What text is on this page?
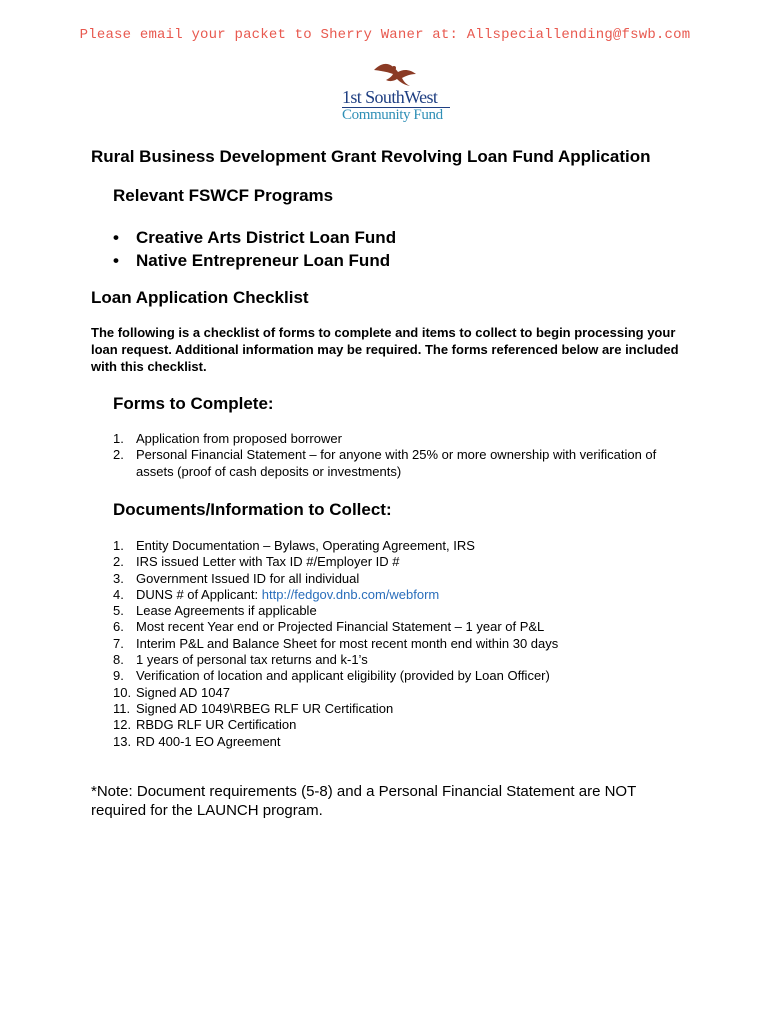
Please email your packet to Sherry Waner at: Allspeciallending@fswb.com
1st SouthWest
Community Fund
Rural Business Development Grant Revolving Loan Fund Application
Relevant FSWCF Programs
• Creative Arts District Loan Fund
• Native Entrepreneur Loan Fund
Loan Application Checklist
The following is a checklist of forms to complete and items to collect to begin processing your loan request. Additional information may be required. The forms referenced below are included with this checklist.
Forms to Complete:
1. Application from proposed borrower
2. Personal Financial Statement – for anyone with 25% or more ownership with verification of assets (proof of cash deposits or investments)
Documents/Information to Collect:
1. Entity Documentation – Bylaws, Operating Agreement, IRS
2. IRS issued Letter with Tax ID #/Employer ID #
3. Government Issued ID for all individual
4. DUNS # of Applicant: http://fedgov.dnb.com/webform
5. Lease Agreements if applicable
6. Most recent Year end or Projected Financial Statement – 1 year of P&L
7. Interim P&L and Balance Sheet for most recent month end within 30 days
8. 1 years of personal tax returns and k-1’s
9. Verification of location and applicant eligibility (provided by Loan Officer)
10. Signed AD 1047
11. Signed AD 1049\RBEG RLF UR Certification
12. RBDG RLF UR Certification
13. RD 400-1 EO Agreement
*Note: Document requirements (5-8) and a Personal Financial Statement are NOT required for the LAUNCH program.
